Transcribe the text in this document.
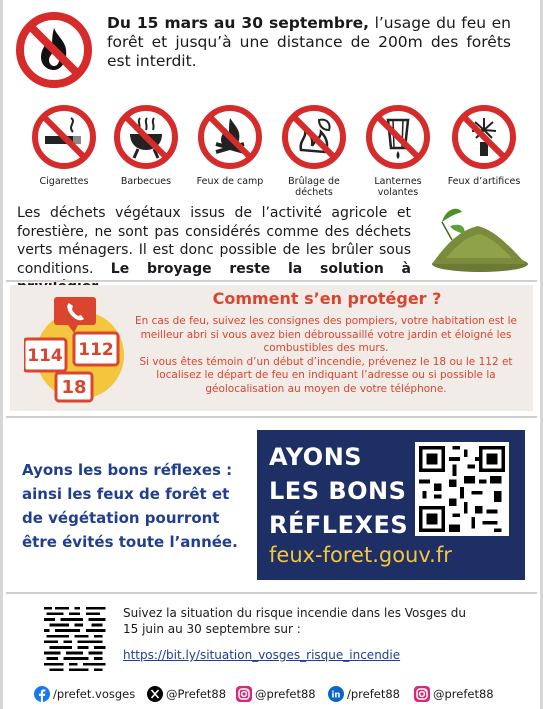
Du 15 mars au 30 septembre, l’usage du feu en forêt et jusqu’à une distance de 200m des forêts est interdit.
Cigarettes	Barbecues	Feux de camp	Brûlage de déchets
Lanternes volantes
Feux d’artifices
Les déchets végétaux issus de l’activité agricole et forestière, ne sont pas considérés comme des déchets verts ménagers. Il est donc possible de les brûler sous conditions. Le broyage reste la solution à
114 112
18
Comment s’en protéger ?
En cas de feu, suivez les consignes des pompiers, votre habitation est le meilleur abri si vous avez bien débroussaillé votre jardin et éloigné les combustibles des murs.
Si vous êtes témoin d’un début d’incendie, prévenez le 18 ou le 112 et localisez le départ de feu en indiquant l’adresse ou si possible la géolocalisation au moyen de votre téléphone.
Ayons les bons réflexes : ainsi les feux de forêt et de végétation pourront être évités toute l’année.
AYONS
LES BONS
RÉFLEXES
feux-foret.gouv.fr
Suivez la situation du risque incendie dans les Vosges du 15 juin au 30 septembre sur :
https://bit.ly/situation_vosges_risque_incendie
/prefet.vosges	@Prefet88	@prefet88 in /prefet88	@prefet88
